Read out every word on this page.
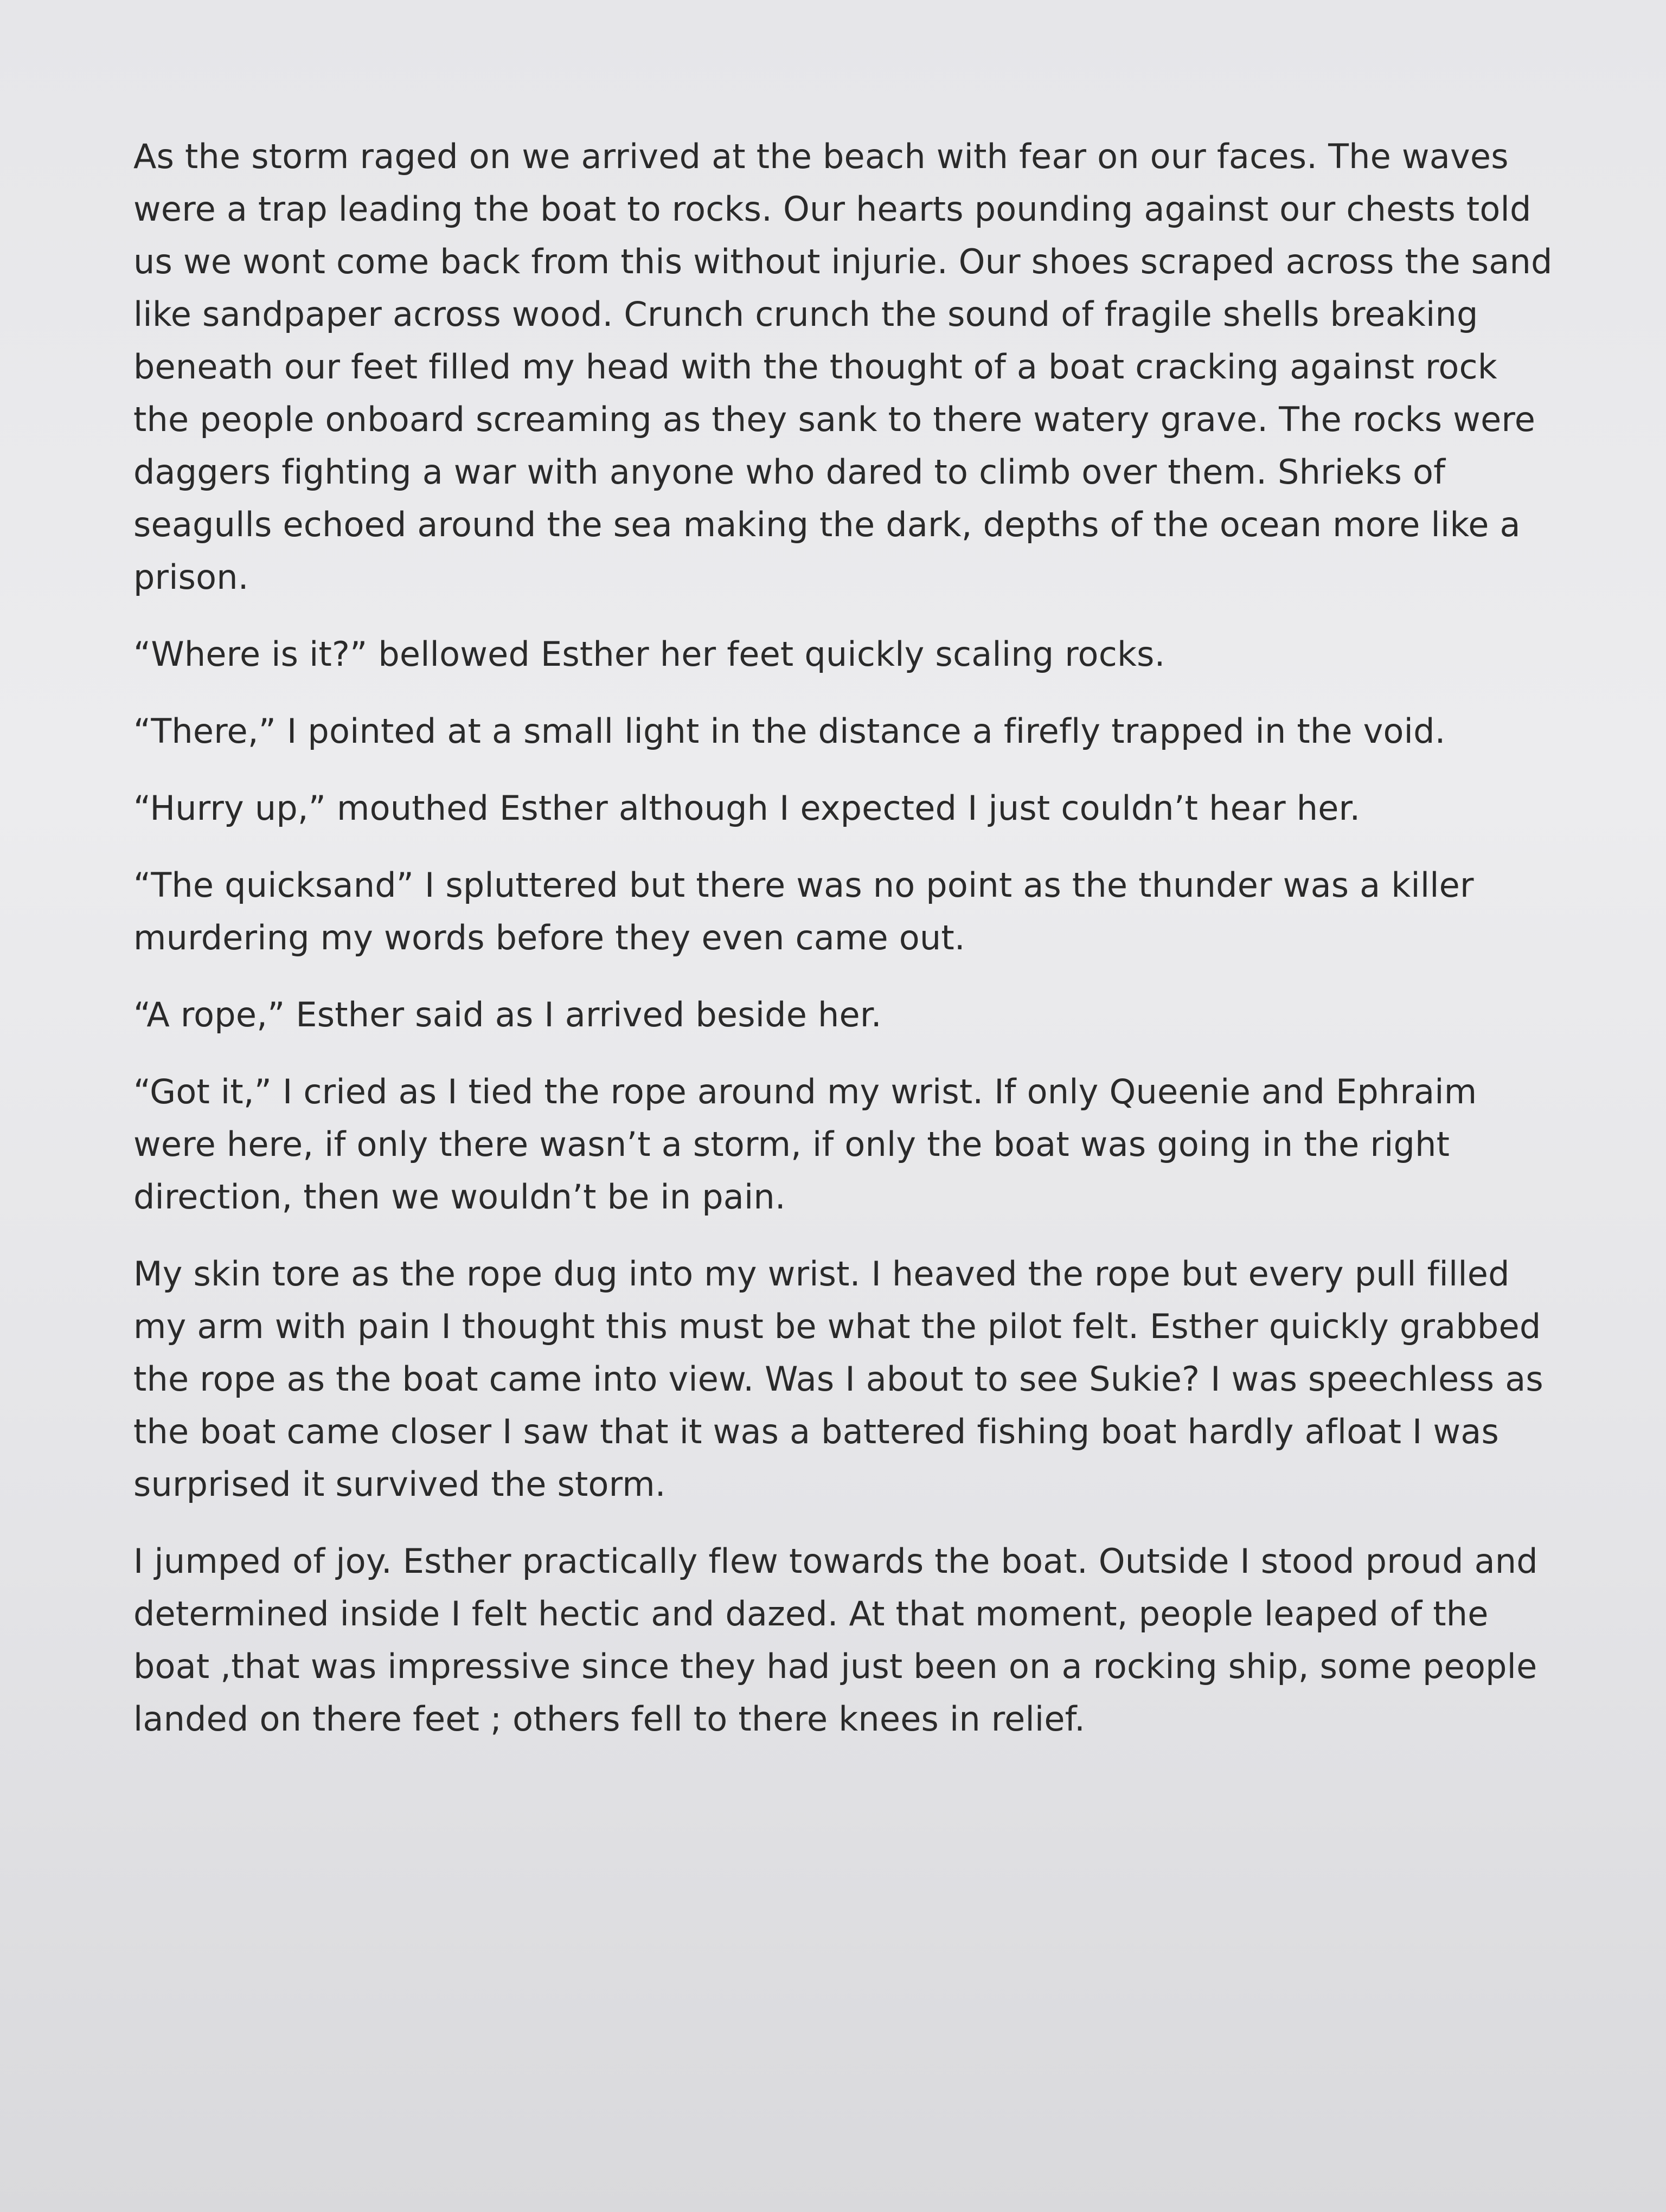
As the storm raged on we arrived at the beach with fear on our faces. The waves were a trap leading the boat to rocks. Our hearts pounding against our chests told us we wont come back from this without injurie. Our shoes scraped across the sand like sandpaper across wood. Crunch crunch the sound of fragile shells breaking beneath our feet filled my head with the thought of a boat cracking against rock the people onboard screaming as they sank to there watery grave. The rocks were daggers fighting a war with anyone who dared to climb over them. Shrieks of seagulls echoed around the sea making the dark, depths of the ocean more like a prison.

“Where is it?” bellowed Esther her feet quickly scaling rocks.

“There,” I pointed at a small light in the distance a firefly trapped in the void.

“Hurry up,” mouthed Esther although I expected I just couldn’t hear her.

“The quicksand” I spluttered but there was no point as the thunder was a killer murdering my words before they even came out.

“A rope,” Esther said as I arrived beside her.

“Got it,” I cried as I tied the rope around my wrist. If only Queenie and Ephraim were here, if only there wasn’t a storm, if only the boat was going in the right direction, then we wouldn’t be in pain.

My skin tore as the rope dug into my wrist. I heaved the rope but every pull filled my arm with pain I thought this must be what the pilot felt. Esther quickly grabbed the rope as the boat came into view. Was I about to see Sukie? I was speechless as the boat came closer I saw that it was a battered fishing boat hardly afloat I was surprised it survived the storm.

I jumped of joy. Esther practically flew towards the boat. Outside I stood proud and determined inside I felt hectic and dazed. At that moment, people leaped of the boat ,that was impressive since they had just been on a rocking ship, some people landed on there feet ; others fell to there knees in relief.
